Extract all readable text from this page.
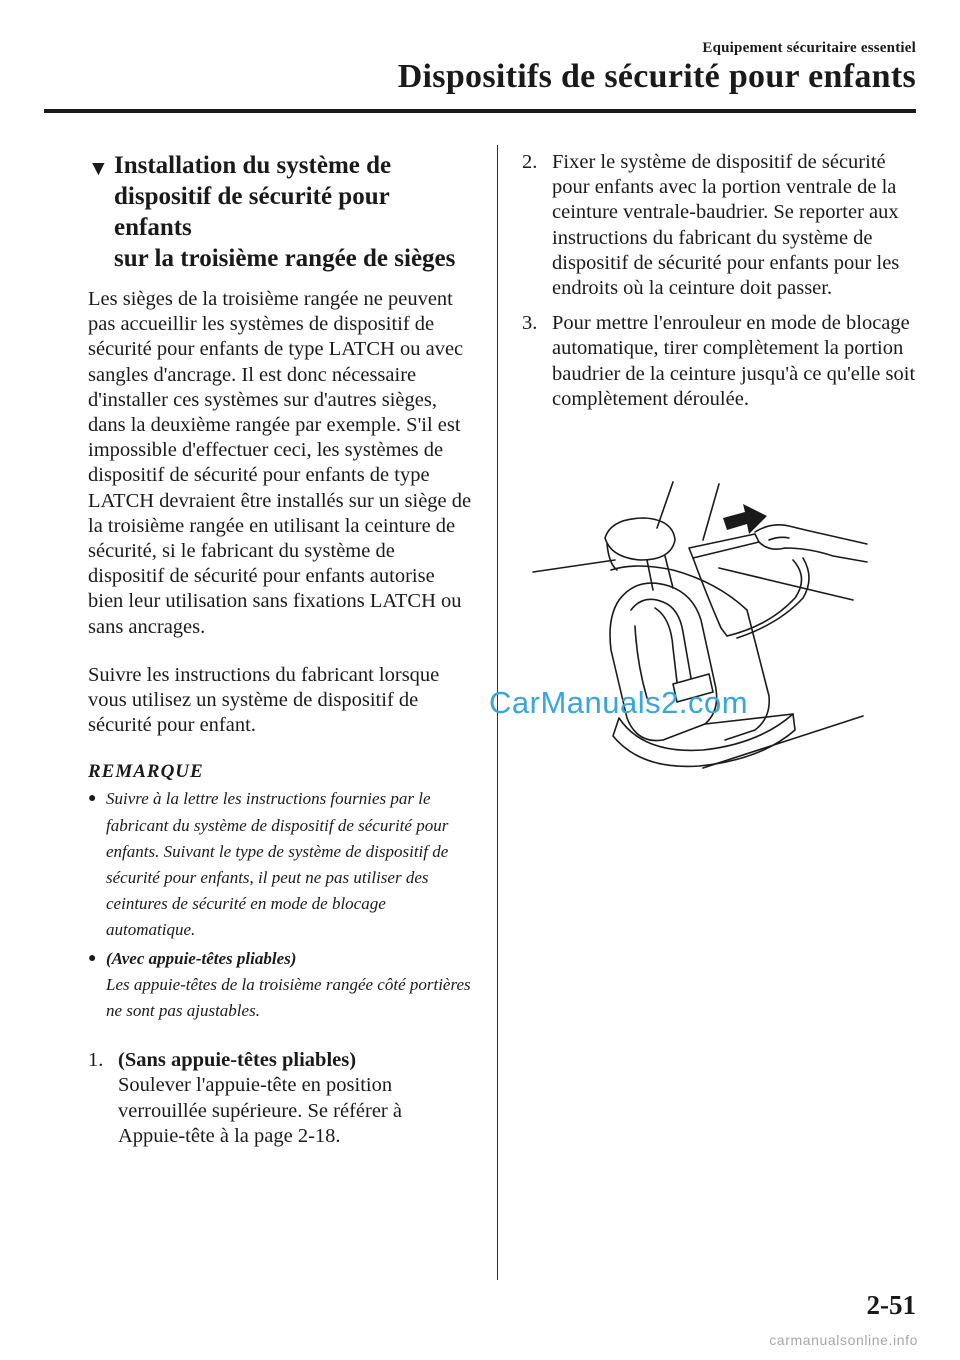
Equipement sécuritaire essentiel
Dispositifs de sécurité pour enfants
▼ Installation du système de
dispositif de sécurité pour enfants
sur la troisième rangée de sièges

Les sièges de la troisième rangée ne peuvent pas accueillir les systèmes de dispositif de sécurité pour enfants de type LATCH ou avec sangles d'ancrage. Il est donc nécessaire d'installer ces systèmes sur d'autres sièges, dans la deuxième rangée par exemple. S'il est impossible d'effectuer ceci, les systèmes de dispositif de sécurité pour enfants de type LATCH devraient être installés sur un siège de la troisième rangée en utilisant la ceinture de sécurité, si le fabricant du système de dispositif de sécurité pour enfants autorise bien leur utilisation sans fixations LATCH ou sans ancrages.

Suivre les instructions du fabricant lorsque vous utilisez un système de dispositif de sécurité pour enfant.

REMARQUE
● Suivre à la lettre les instructions fournies par le fabricant du système de dispositif de sécurité pour enfants. Suivant le type de système de dispositif de sécurité pour enfants, il peut ne pas utiliser des ceintures de sécurité en mode de blocage automatique.
● (Avec appuie-têtes pliables)
Les appuie-têtes de la troisième rangée côté portières ne sont pas ajustables.
1. (Sans appuie-têtes pliables)
Soulever l'appuie-tête en position verrouillée supérieure. Se référer à Appuie-tête à la page 2-18.
2. Fixer le système de dispositif de sécurité pour enfants avec la portion ventrale de la ceinture ventrale-baudrier. Se reporter aux instructions du fabricant du système de dispositif de sécurité pour enfants pour les endroits où la ceinture doit passer.
3. Pour mettre l'enrouleur en mode de blocage automatique, tirer complètement la portion baudrier de la ceinture jusqu'à ce qu'elle soit complètement déroulée.
CarManuals2.com
2-51
carmanualsonline.info
